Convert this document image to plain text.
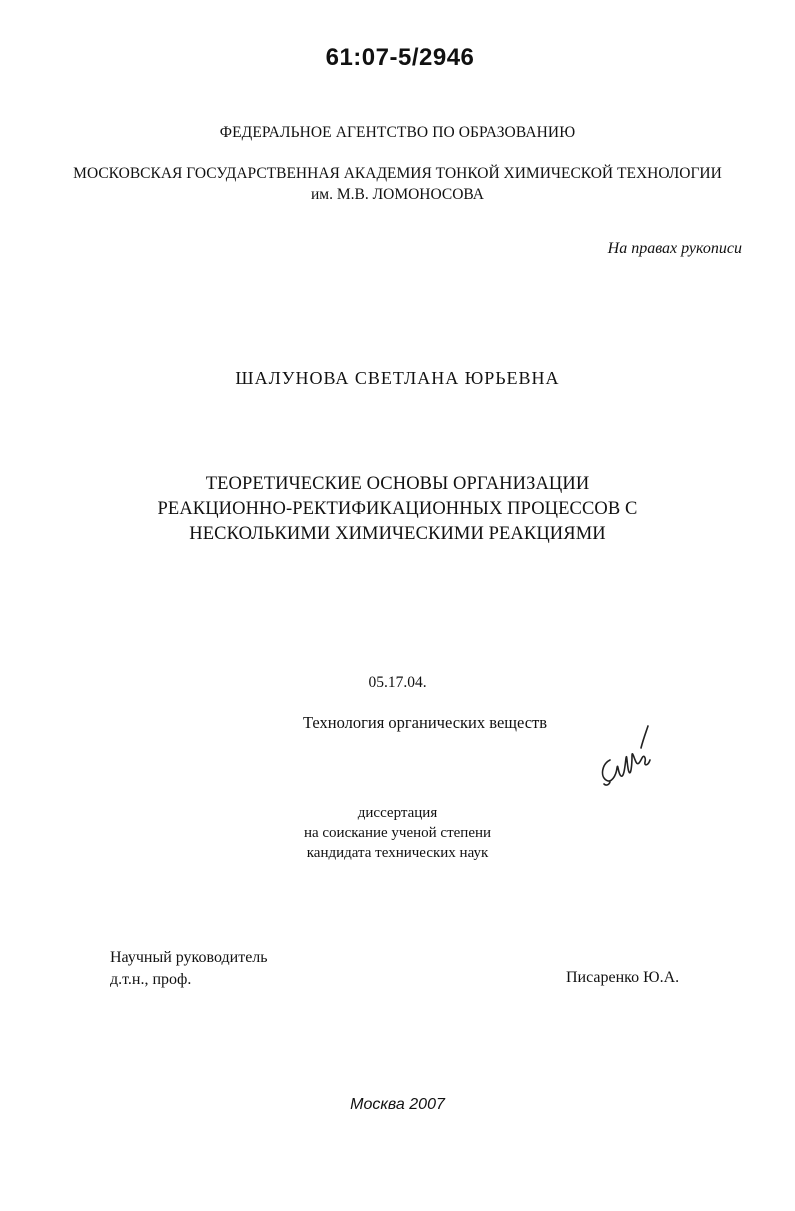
61:07-5/2946
ФЕДЕРАЛЬНОЕ АГЕНТСТВО ПО ОБРАЗОВАНИЮ
МОСКОВСКАЯ ГОСУДАРСТВЕННАЯ АКАДЕМИЯ ТОНКОЙ ХИМИЧЕСКОЙ ТЕХНОЛОГИИ
им. М.В. ЛОМОНОСОВА
На правах рукописи
ШАЛУНОВА СВЕТЛАНА ЮРЬЕВНА
ТЕОРЕТИЧЕСКИЕ ОСНОВЫ ОРГАНИЗАЦИИ
РЕАКЦИОННО-РЕКТИФИКАЦИОННЫХ ПРОЦЕССОВ С
НЕСКОЛЬКИМИ ХИМИЧЕСКИМИ РЕАКЦИЯМИ
05.17.04.
Технология органических веществ
диссертация
на соискание ученой степени
кандидата технических наук
Научный руководитель
д.т.н., проф.	Писаренко Ю.А.
Москва 2007
